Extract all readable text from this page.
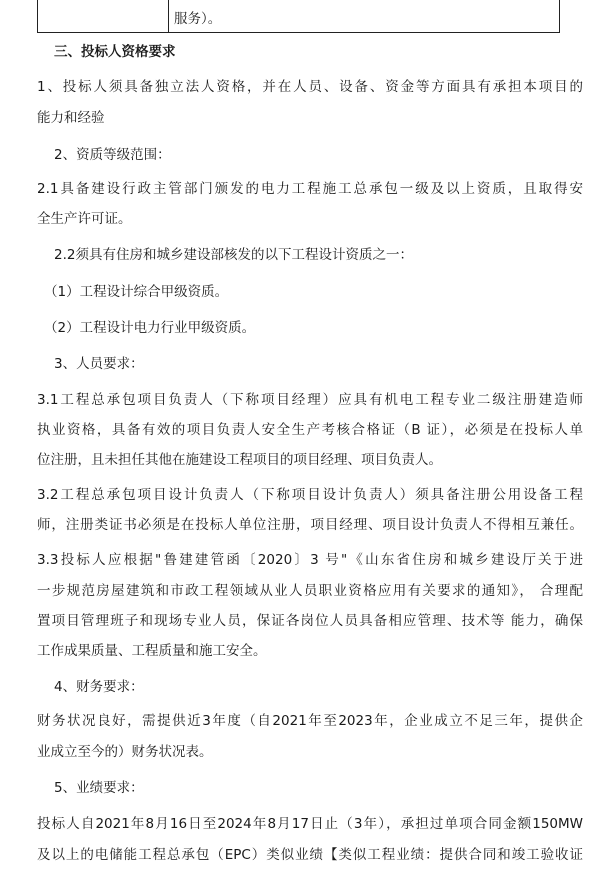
服务）。
三、投标人资格要求
1、投标人须具备独立法人资格，并在人员、设备、资金等方面具有承担本项目的
能力和经验
2、资质等级范围：
2.1具备建设行政主管部门颁发的电力工程施工总承包一级及以上资质，且取得安
全生产许可证。
2.2须具有住房和城乡建设部核发的以下工程设计资质之一：
（1）工程设计综合甲级资质。
（2）工程设计电力行业甲级资质。
3、人员要求：
3.1工程总承包项目负责人（下称项目经理）应具有机电工程专业二级注册建造师
执业资格，具备有效的项目负责人安全生产考核合格证（B 证），必须是在投标人单
位注册，且未担任其他在施建设工程项目的项目经理、项目负责人。
3.2工程总承包项目设计负责人（下称项目设计负责人）须具备注册公用设备工程
师，注册类证书必须是在投标人单位注册，项目经理、项目设计负责人不得相互兼任。
3.3投标人应根据"鲁建建管函〔2020〕3 号"《山东省住房和城乡建设厅关于进
一步规范房屋建筑和市政工程领域从业人员职业资格应用有关要求的通知》， 合理配
置项目管理班子和现场专业人员，保证各岗位人员具备相应管理、技术等 能力，确保
工作成果质量、工程质量和施工安全。
4、财务要求：
财务状况良好，需提供近3年度（自2021年至2023年，企业成立不足三年，提供企
业成立至今的）财务状况表。
5、业绩要求：
投标人自2021年8月16日至2024年8月17日止（3年），承担过单项合同金额150MW
及以上的电储能工程总承包（EPC）类似业绩【类似工程业绩：提供合同和竣工验收证
